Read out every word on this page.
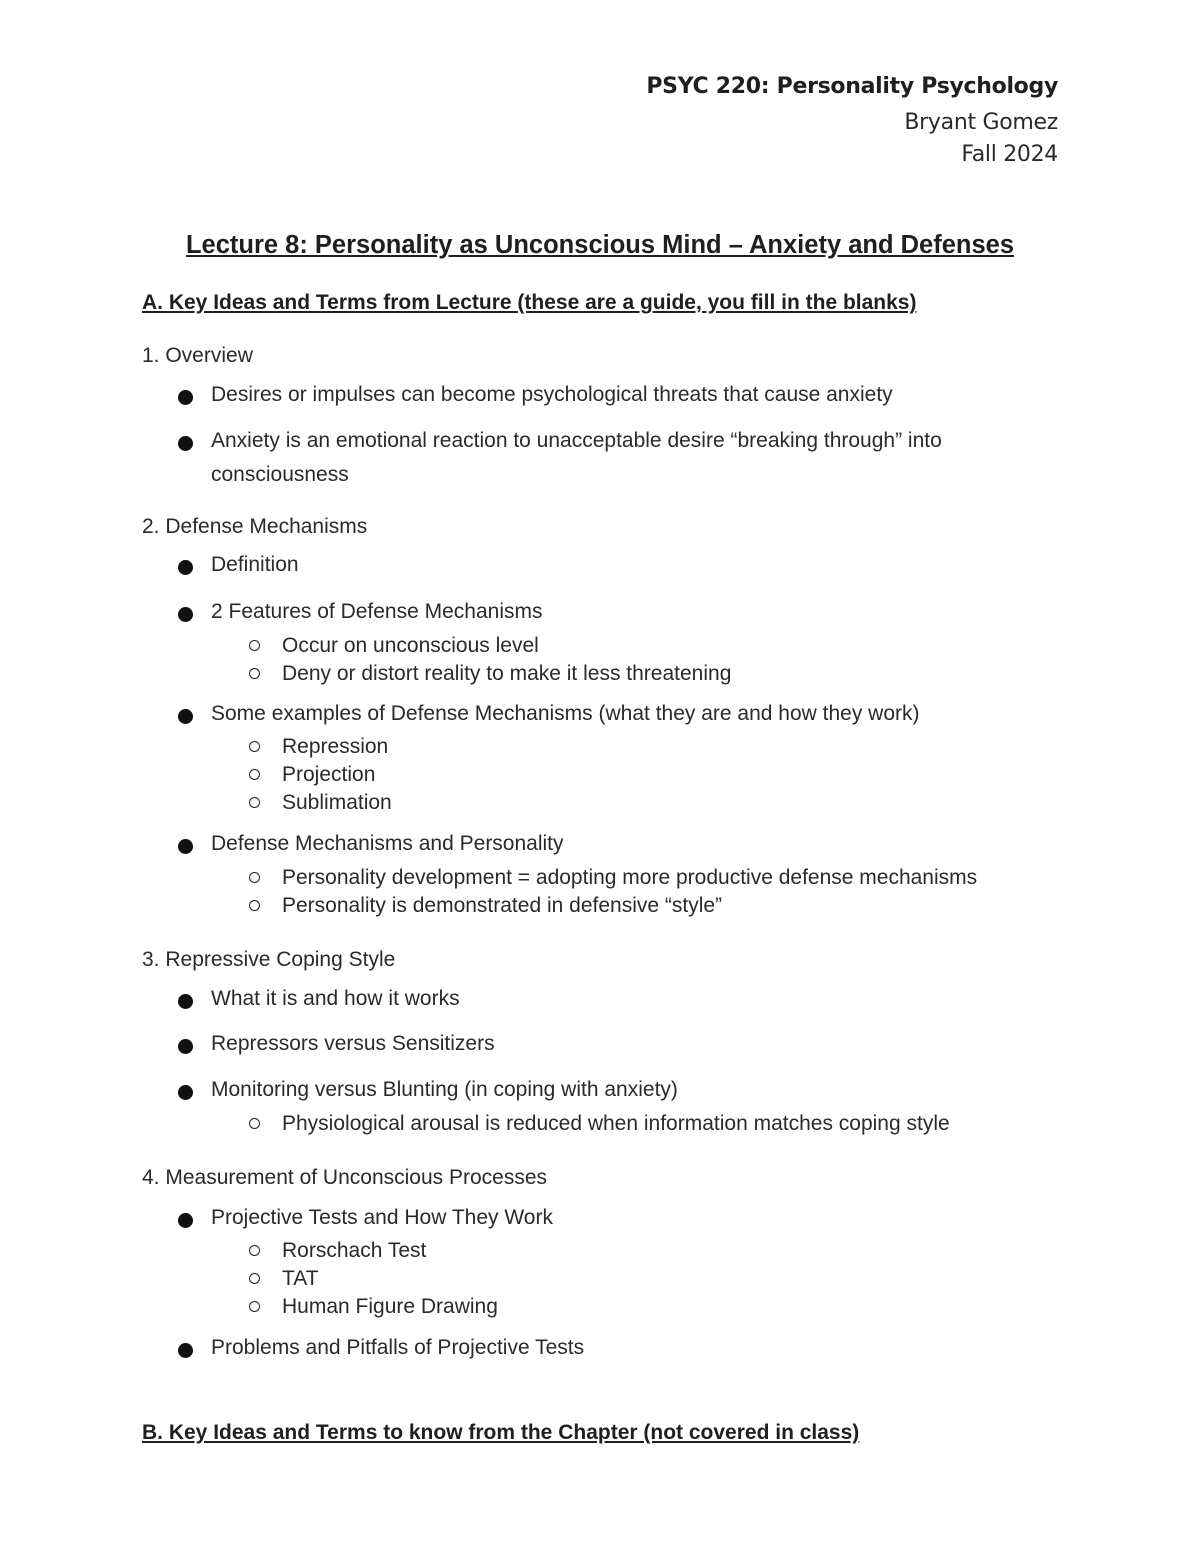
PSYC 220: Personality Psychology
Bryant Gomez
Fall 2024
Lecture 8: Personality as Unconscious Mind – Anxiety and Defenses
A. Key Ideas and Terms from Lecture (these are a guide, you fill in the blanks)
1. Overview
Desires or impulses can become psychological threats that cause anxiety
Anxiety is an emotional reaction to unacceptable desire “breaking through” into
consciousness
2. Defense Mechanisms
Definition
2 Features of Defense Mechanisms
Occur on unconscious level
Deny or distort reality to make it less threatening
Some examples of Defense Mechanisms (what they are and how they work)
Repression
Projection
Sublimation
Defense Mechanisms and Personality
Personality development = adopting more productive defense mechanisms
Personality is demonstrated in defensive “style”
3. Repressive Coping Style
What it is and how it works
Repressors versus Sensitizers
Monitoring versus Blunting (in coping with anxiety)
Physiological arousal is reduced when information matches coping style
4. Measurement of Unconscious Processes
Projective Tests and How They Work
Rorschach Test
TAT
Human Figure Drawing
Problems and Pitfalls of Projective Tests
B. Key Ideas and Terms to know from the Chapter (not covered in class)
